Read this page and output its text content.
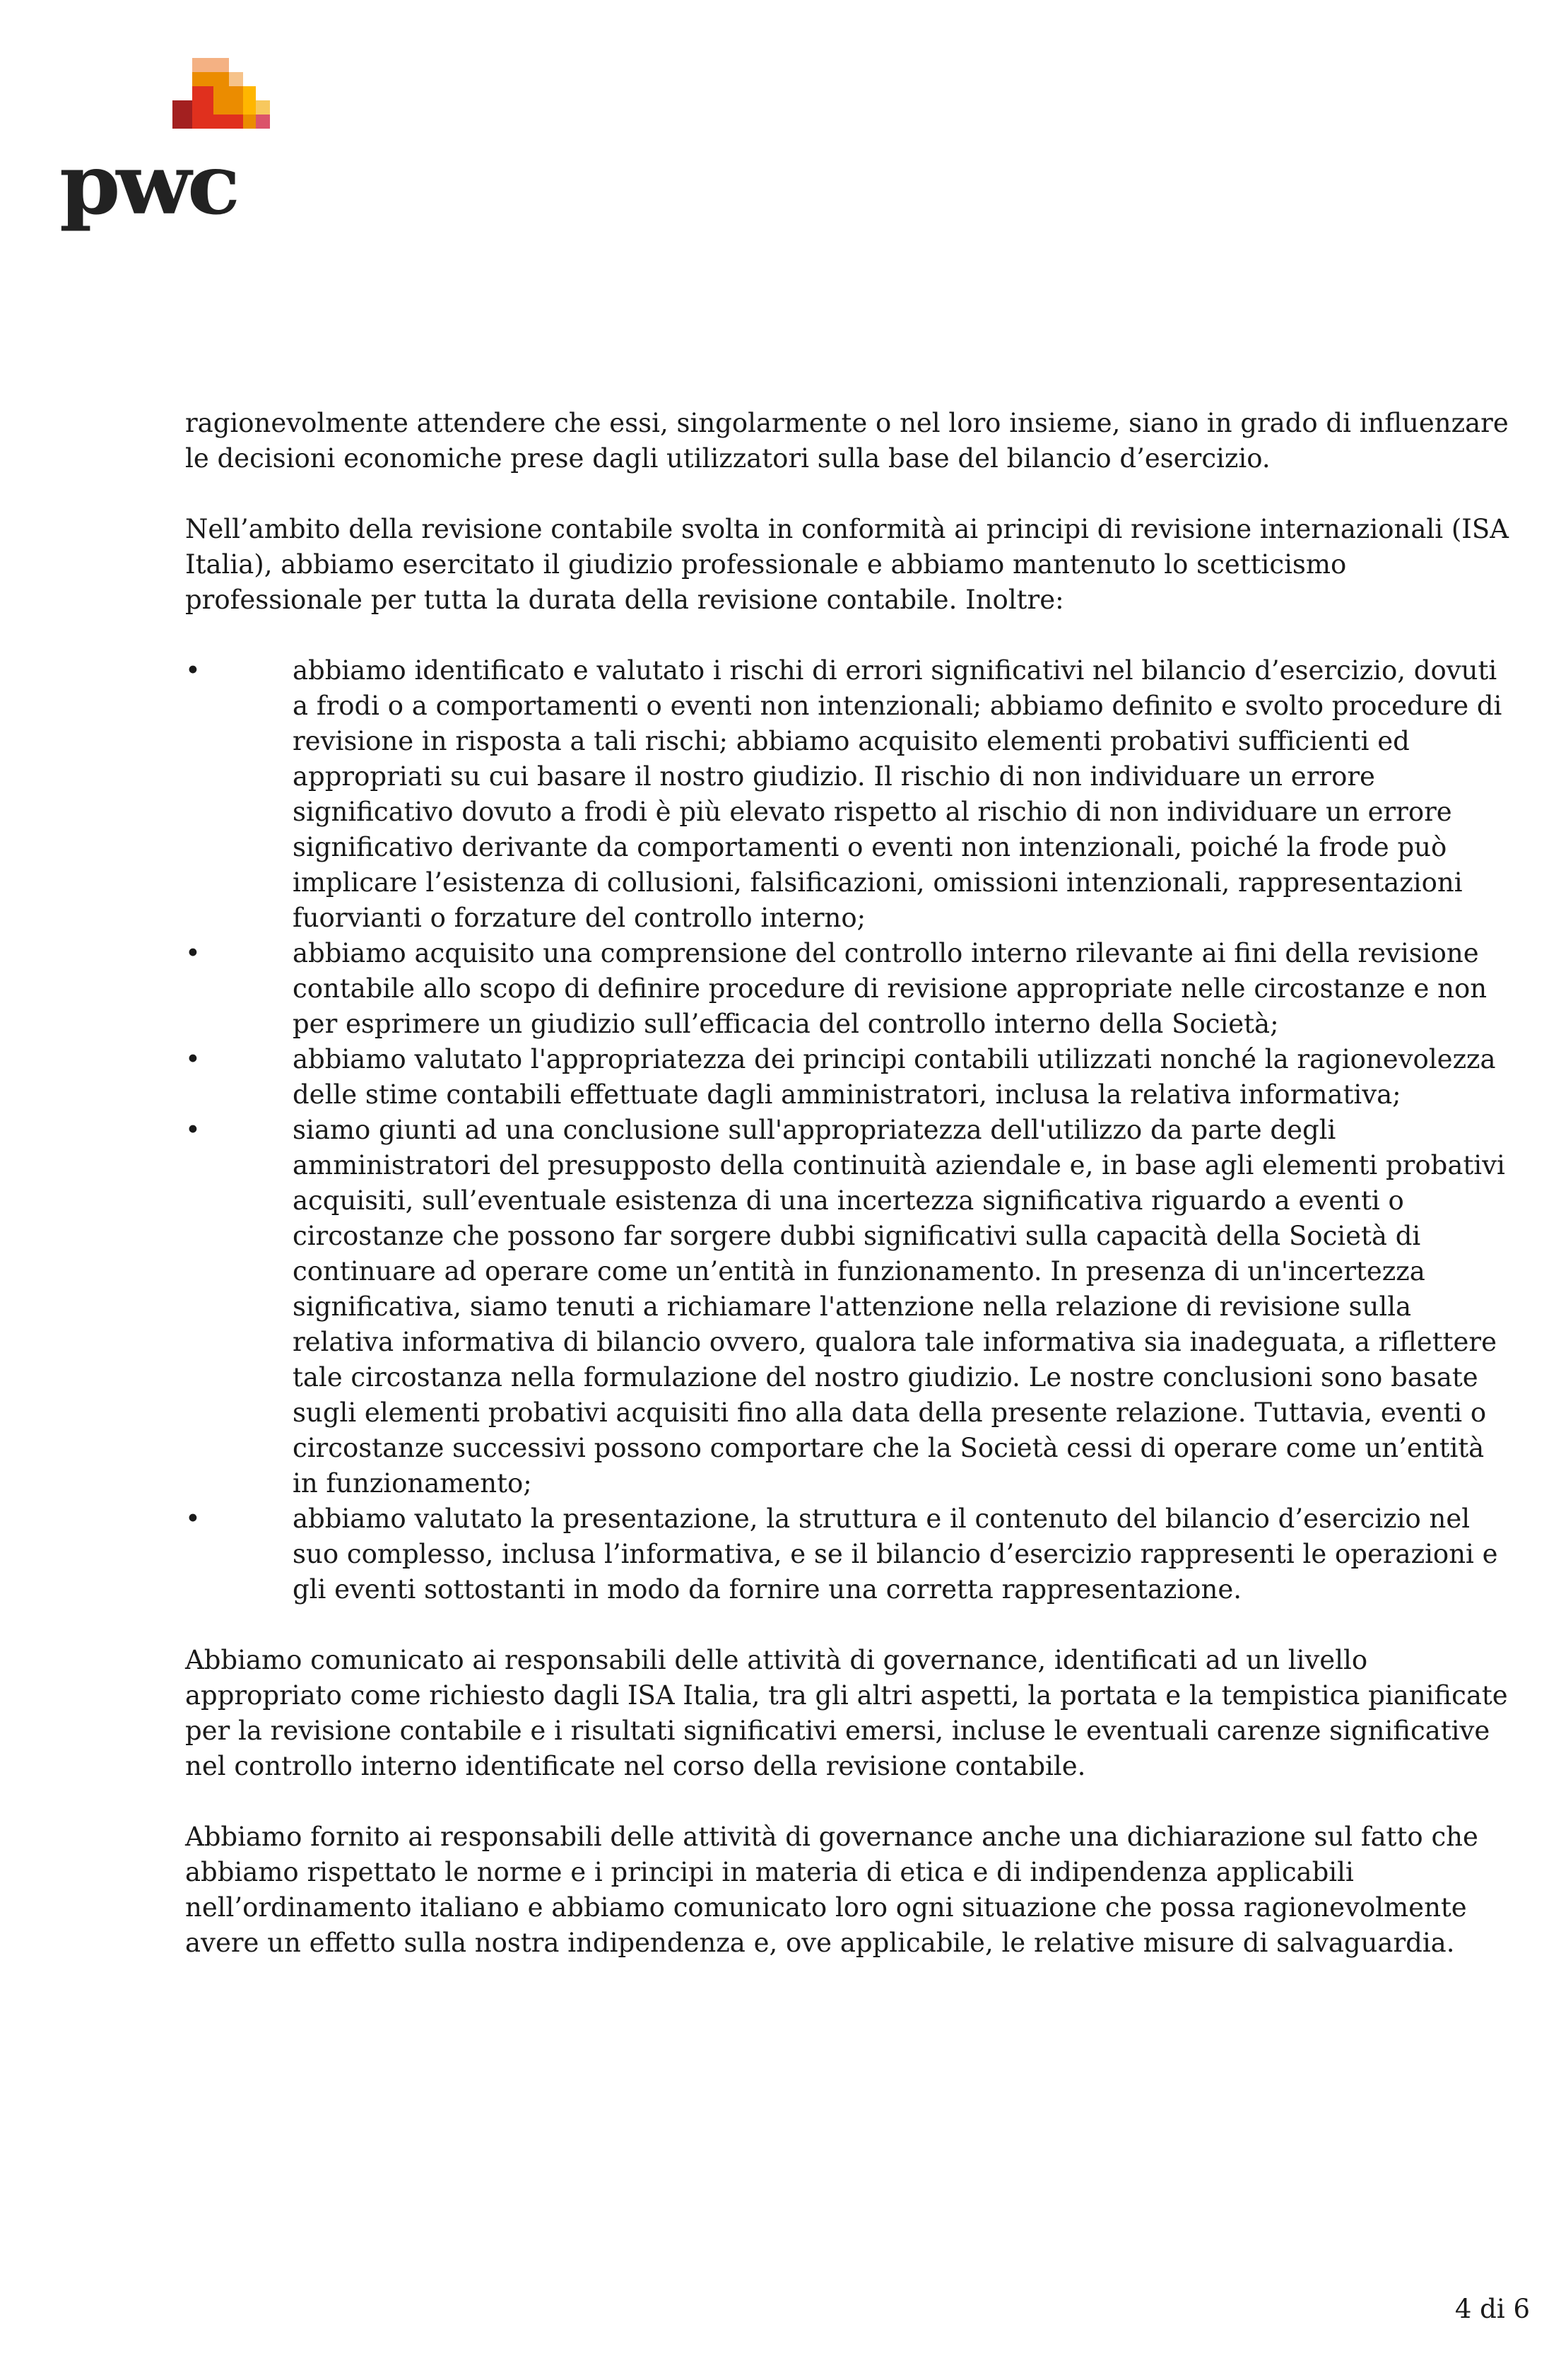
pwc

ragionevolmente attendere che essi, singolarmente o nel loro insieme, siano in grado di influenzare le decisioni economiche prese dagli utilizzatori sulla base del bilancio d’esercizio.

Nell’ambito della revisione contabile svolta in conformità ai principi di revisione internazionali (ISA Italia), abbiamo esercitato il giudizio professionale e abbiamo mantenuto lo scetticismo professionale per tutta la durata della revisione contabile. Inoltre:

•	abbiamo identificato e valutato i rischi di errori significativi nel bilancio d’esercizio, dovuti a frodi o a comportamenti o eventi non intenzionali; abbiamo definito e svolto procedure di revisione in risposta a tali rischi; abbiamo acquisito elementi probativi sufficienti ed appropriati su cui basare il nostro giudizio. Il rischio di non individuare un errore significativo dovuto a frodi è più elevato rispetto al rischio di non individuare un errore significativo derivante da comportamenti o eventi non intenzionali, poiché la frode può implicare l’esistenza di collusioni, falsificazioni, omissioni intenzionali, rappresentazioni fuorvianti o forzature del controllo interno;
•	abbiamo acquisito una comprensione del controllo interno rilevante ai fini della revisione contabile allo scopo di definire procedure di revisione appropriate nelle circostanze e non per esprimere un giudizio sull’efficacia del controllo interno della Società;
•	abbiamo valutato l'appropriatezza dei principi contabili utilizzati nonché la ragionevolezza delle stime contabili effettuate dagli amministratori, inclusa la relativa informativa;
•	siamo giunti ad una conclusione sull'appropriatezza dell'utilizzo da parte degli amministratori del presupposto della continuità aziendale e, in base agli elementi probativi acquisiti, sull’eventuale esistenza di una incertezza significativa riguardo a eventi o circostanze che possono far sorgere dubbi significativi sulla capacità della Società di continuare ad operare come un’entità in funzionamento. In presenza di un'incertezza significativa, siamo tenuti a richiamare l'attenzione nella relazione di revisione sulla relativa informativa di bilancio ovvero, qualora tale informativa sia inadeguata, a riflettere tale circostanza nella formulazione del nostro giudizio. Le nostre conclusioni sono basate sugli elementi probativi acquisiti fino alla data della presente relazione. Tuttavia, eventi o circostanze successivi possono comportare che la Società cessi di operare come un’entità in funzionamento;
•	abbiamo valutato la presentazione, la struttura e il contenuto del bilancio d’esercizio nel suo complesso, inclusa l’informativa, e se il bilancio d’esercizio rappresenti le operazioni e gli eventi sottostanti in modo da fornire una corretta rappresentazione.

Abbiamo comunicato ai responsabili delle attività di governance, identificati ad un livello appropriato come richiesto dagli ISA Italia, tra gli altri aspetti, la portata e la tempistica pianificate per la revisione contabile e i risultati significativi emersi, incluse le eventuali carenze significative nel controllo interno identificate nel corso della revisione contabile.

Abbiamo fornito ai responsabili delle attività di governance anche una dichiarazione sul fatto che abbiamo rispettato le norme e i principi in materia di etica e di indipendenza applicabili nell’ordinamento italiano e abbiamo comunicato loro ogni situazione che possa ragionevolmente avere un effetto sulla nostra indipendenza e, ove applicabile, le relative misure di salvaguardia.

4 di 6
